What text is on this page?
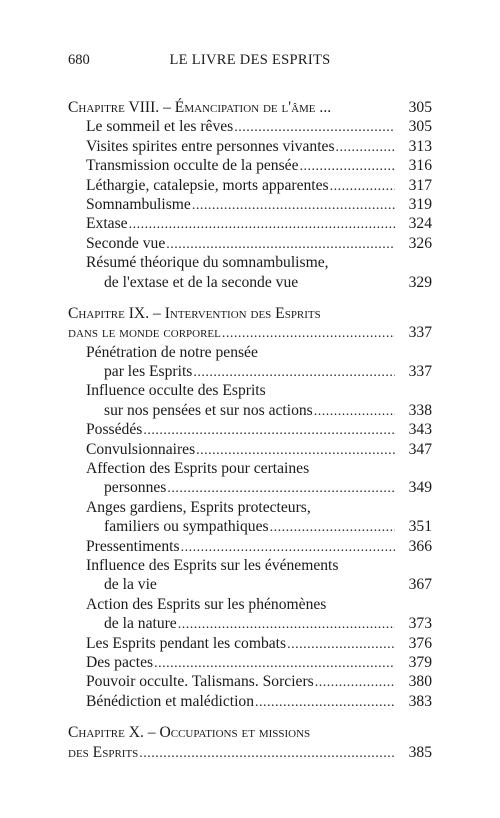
680	LE LIVRE DES ESPRITS
Chapitre VIII. – Émancipation de l'âme ...	305
Le sommeil et les rêves .....	305
Visites spirites entre personnes vivantes .....	313
Transmission occulte de la pensée .....	316
Léthargie, catalepsie, morts apparentes .....	317
Somnambulisme .....	319
Extase .....	324
Seconde vue .....	326
Résumé théorique du somnambulisme,
de l'extase et de la seconde vue	329
Chapitre IX. – Intervention des Esprits
dans le monde corporel .....	337
Pénétration de notre pensée
par les Esprits .....	337
Influence occulte des Esprits
sur nos pensées et sur nos actions .....	338
Possédés .....	343
Convulsionnaires .....	347
Affection des Esprits pour certaines
personnes .....	349
Anges gardiens, Esprits protecteurs,
familiers ou sympathiques .....	351
Pressentiments .....	366
Influence des Esprits sur les événements
de la vie	367
Action des Esprits sur les phénomènes
de la nature .....	373
Les Esprits pendant les combats .....	376
Des pactes .....	379
Pouvoir occulte. Talismans. Sorciers .....	380
Bénédiction et malédiction .....	383
Chapitre X. – Occupations et missions
des Esprits .....	385
